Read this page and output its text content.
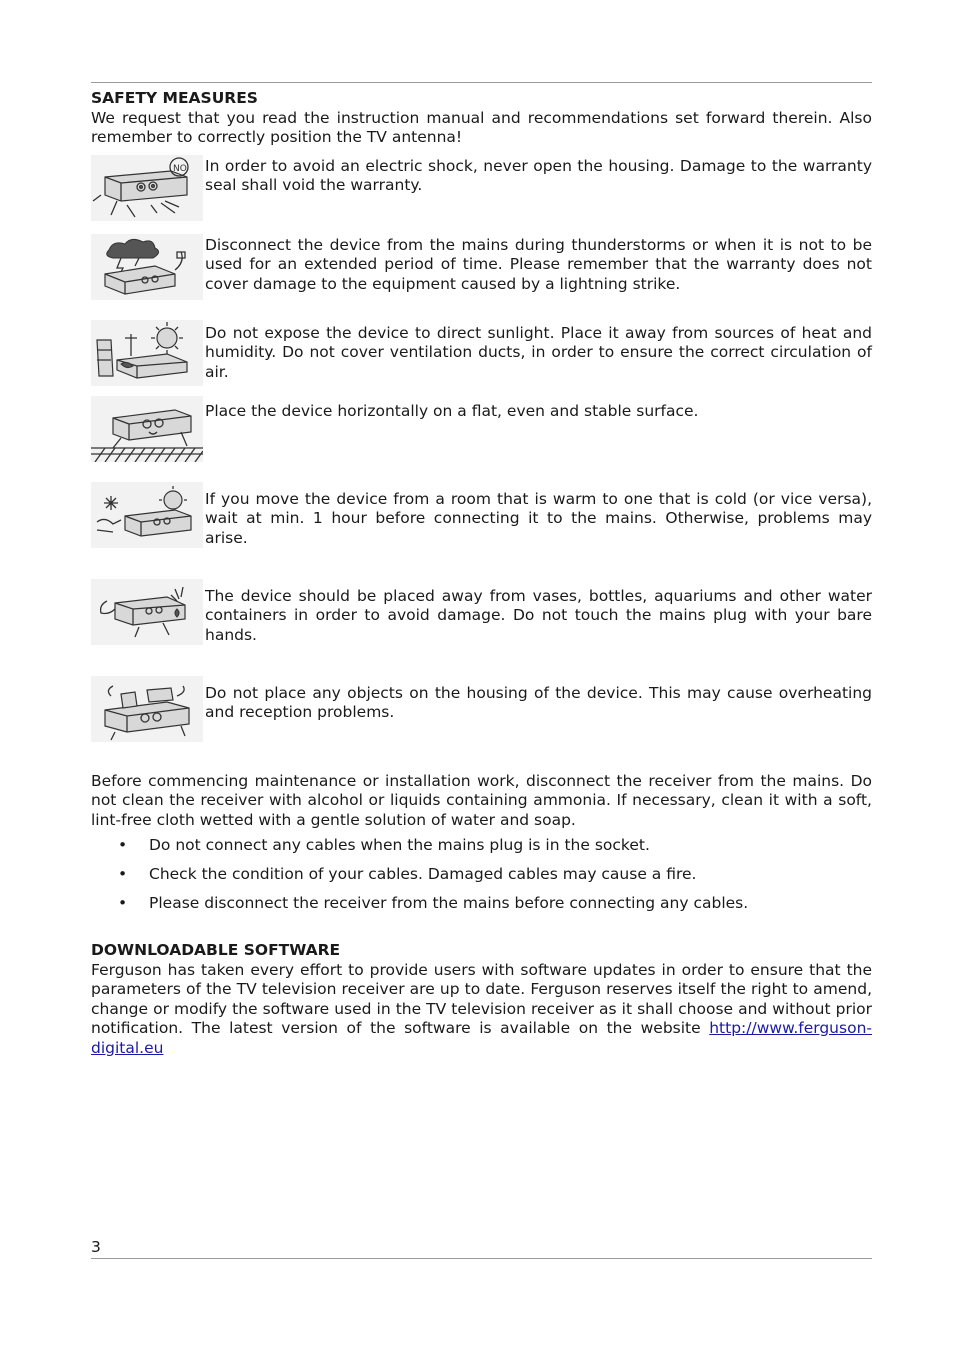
SAFETY MEASURES

We request that you read the instruction manual and recommendations set forward therein. Also remember to correctly position the TV antenna!

NO In order to avoid an electric shock, never open the housing. Damage to the warranty seal shall void the warranty.
Disconnect the device from the mains during thunderstorms or when it is not to be used for an extended period of time. Please remember that the warranty does not cover damage to the equipment caused by a lightning strike.
Do not expose the device to direct sunlight. Place it away from sources of heat and humidity. Do not cover ventilation ducts, in order to ensure the correct circulation of air.
Place the device horizontally on a flat, even and stable surface.
If you move the device from a room that is warm to one that is cold (or vice versa), wait at min. 1 hour before connecting it to the mains. Otherwise, problems may arise.
The device should be placed away from vases, bottles, aquariums and other water containers in order to avoid damage. Do not touch the mains plug with your bare hands.
Do not place any objects on the housing of the device. This may cause overheating and reception problems.

Before commencing maintenance or installation work, disconnect the receiver from the mains. Do not clean the receiver with alcohol or liquids containing ammonia. If necessary, clean it with a soft, lint-free cloth wetted with a gentle solution of water and soap.

• Do not connect any cables when the mains plug is in the socket.
• Check the condition of your cables. Damaged cables may cause a fire.
• Please disconnect the receiver from the mains before connecting any cables.
DOWNLOADABLE SOFTWARE

Ferguson has taken every effort to provide users with software updates in order to ensure that the parameters of the TV television receiver are up to date. Ferguson reserves itself the right to amend, change or modify the software used in the TV television receiver as it shall choose and without prior notification. The latest version of the software is available on the website http://www.ferguson-digital.eu

3
